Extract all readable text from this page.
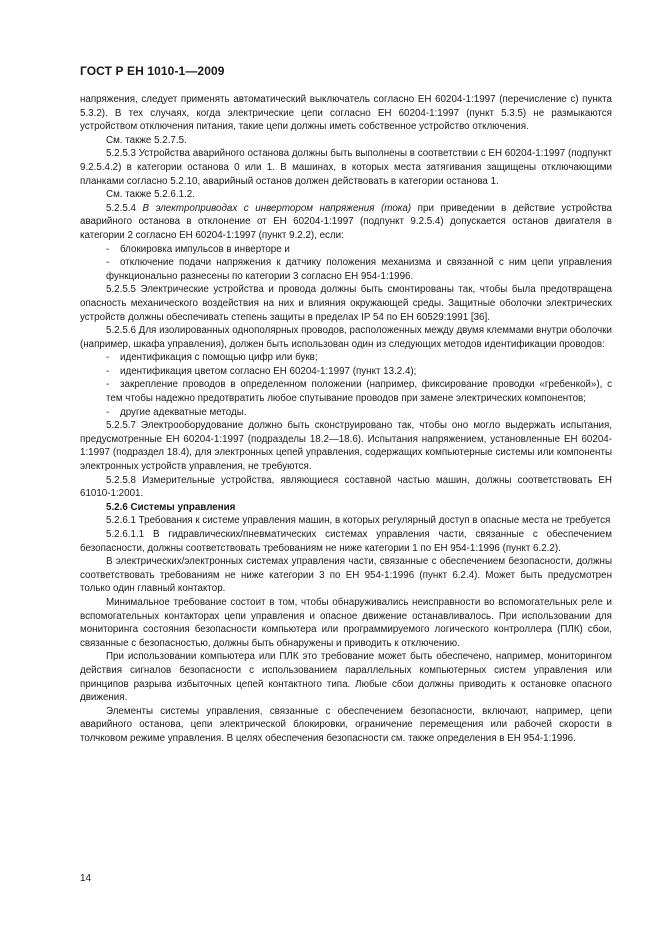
ГОСТ Р ЕН 1010-1—2009

напряжения, следует применять автоматический выключатель согласно ЕН 60204-1:1997 (перечисление с) пункта 5.3.2). В тех случаях, когда электрические цепи согласно ЕН 60204-1:1997 (пункт 5.3.5) не размыкаются устройством отключения питания, такие цепи должны иметь собственное устройство отключения.

См. также 5.2.7.5.

5.2.5.3 Устройства аварийного останова должны быть выполнены в соответствии с ЕН 60204-1:1997 (подпункт 9.2.5.4.2) в категории останова 0 или 1. В машинах, в которых места затягивания защищены отключающими планками согласно 5.2.10, аварийный останов должен действовать в категории останова 1.

См. также 5.2.6.1.2.

5.2.5.4 В электроприводах с инвертором напряжения (тока) при приведении в действие устройства аварийного останова в отклонение от ЕН 60204-1:1997 (подпункт 9.2.5.4) допускается останов двигателя в категории 2 согласно ЕН 60204-1:1997 (пункт 9.2.2), если:

- блокировка импульсов в инверторе и

- отключение подачи напряжения к датчику положения механизма и связанной с ним цепи управления функционально разнесены по категории 3 согласно ЕН 954-1:1996.

5.2.5.5 Электрические устройства и провода должны быть смонтированы так, чтобы была предотвращена опасность механического воздействия на них и влияния окружающей среды. Защитные оболочки электрических устройств должны обеспечивать степень защиты в пределах IP 54 по ЕН 60529:1991 [36].

5.2.5.6 Для изолированных однополярных проводов, расположенных между двумя клеммами внутри оболочки (например, шкафа управления), должен быть использован один из следующих методов идентификации проводов:

- идентификация с помощью цифр или букв;

- идентификация цветом согласно ЕН 60204-1:1997 (пункт 13.2.4);

- закрепление проводов в определенном положении (например, фиксирование проводки «гребенкой»), с тем чтобы надежно предотвратить любое спутывание проводов при замене электрических компонентов;

- другие адекватные методы.

5.2.5.7 Электрооборудование должно быть сконструировано так, чтобы оно могло выдержать испытания, предусмотренные ЕН 60204-1:1997 (подразделы 18.2—18.6). Испытания напряжением, установленные ЕН 60204-1:1997 (подраздел 18.4), для электронных цепей управления, содержащих компьютерные системы или компоненты электронных устройств управления, не требуются.

5.2.5.8 Измерительные устройства, являющиеся составной частью машин, должны соответствовать ЕН 61010-1:2001.

5.2.6 Системы управления

5.2.6.1 Требования к системе управления машин, в которых регулярный доступ в опасные места не требуется

5.2.6.1.1 В гидравлических/пневматических системах управления части, связанные с обеспечением безопасности, должны соответствовать требованиям не ниже категории 1 по ЕН 954-1:1996 (пункт 6.2.2).

В электрических/электронных системах управления части, связанные с обеспечением безопасности, должны соответствовать требованиям не ниже категории 3 по ЕН 954-1:1996 (пункт 6.2.4). Может быть предусмотрен только один главный контактор.

Минимальное требование состоит в том, чтобы обнаруживались неисправности во вспомогательных реле и вспомогательных контакторах цепи управления и опасное движение останавливалось. При использовании для мониторинга состояния безопасности компьютера или программируемого логического контроллера (ПЛК) сбои, связанные с безопасностью, должны быть обнаружены и приводить к отключению.

При использовании компьютера или ПЛК это требование может быть обеспечено, например, мониторингом действия сигналов безопасности с использованием параллельных компьютерных систем управления или принципов разрыва избыточных цепей контактного типа. Любые сбои должны приводить к остановке опасного движения.

Элементы системы управления, связанные с обеспечением безопасности, включают, например, цепи аварийного останова, цепи электрической блокировки, ограничение перемещения или рабочей скорости в толчковом режиме управления. В целях обеспечения безопасности см. также определения в ЕН 954-1:1996.

14
